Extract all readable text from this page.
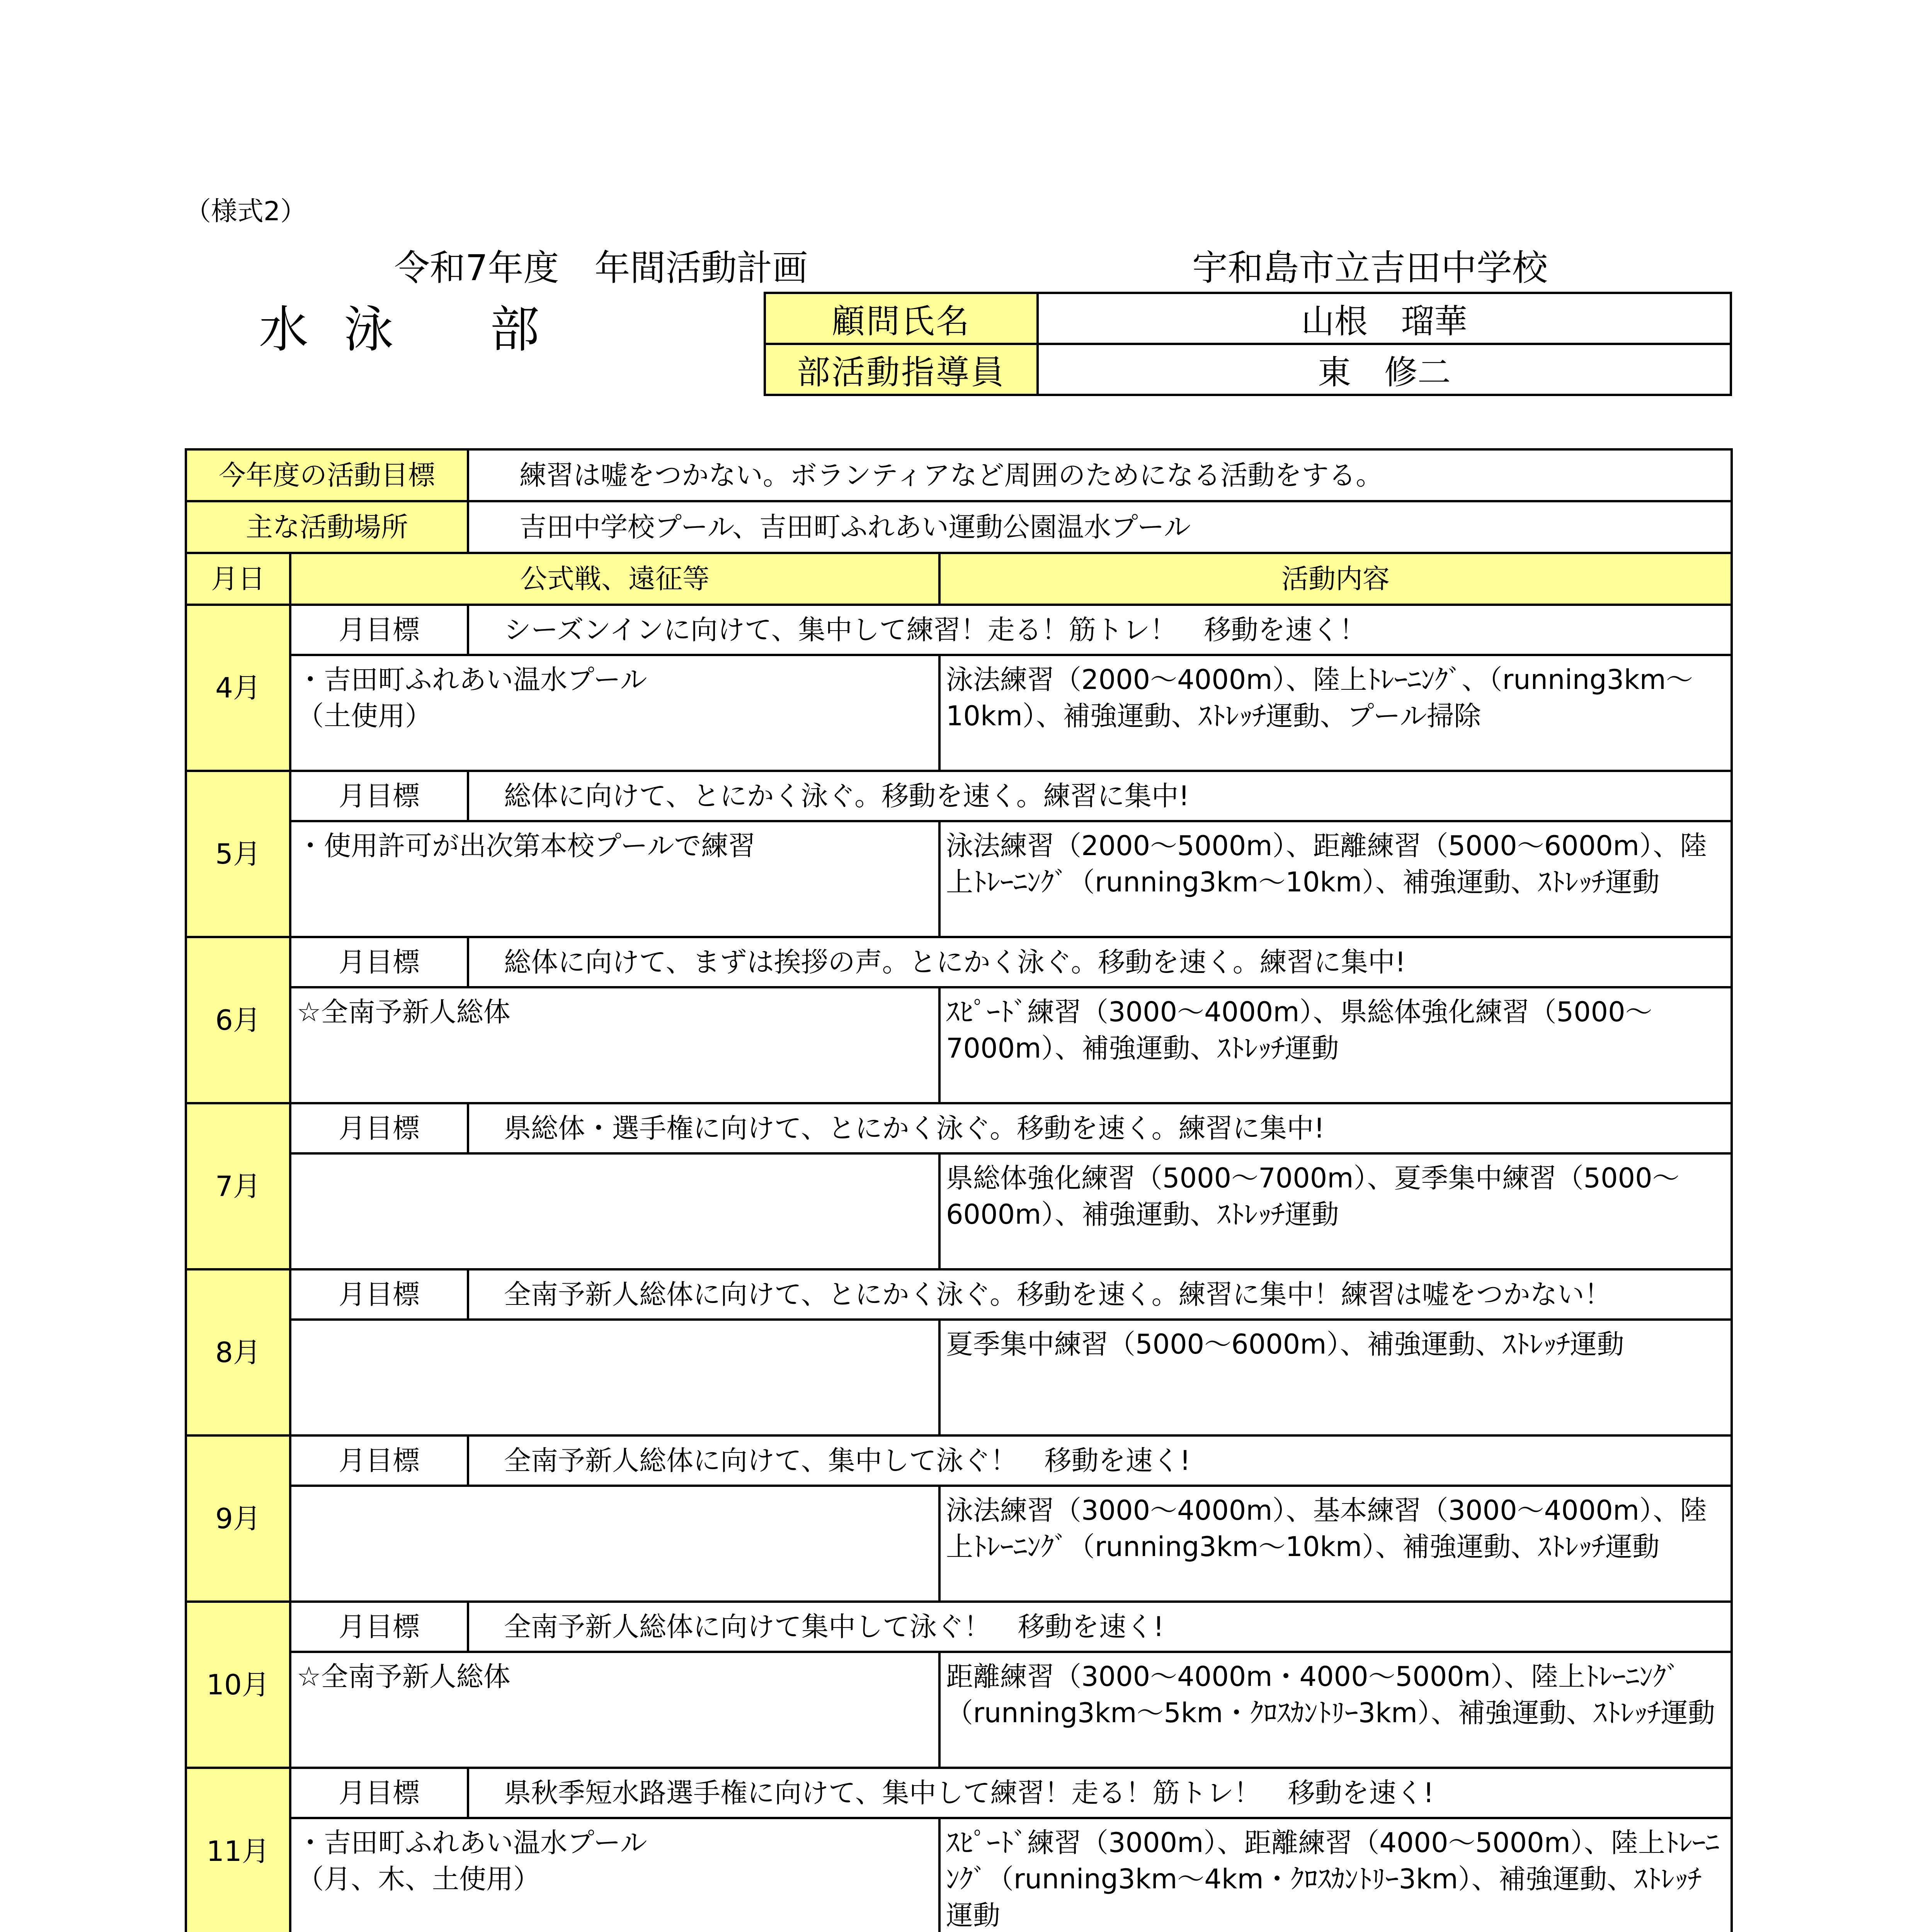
（様式2）
令和7年度　年間活動計画	宇和島市立吉田中学校
水 泳 部	顧問氏名	山根　瑠華
部活動指導員	東　修二
今年度の活動目標		練習は嘘をつかない。ボランティアなど周囲のためになる活動をする。	
主な活動場所		吉田中学校プール、吉田町ふれあい運動公園温水プール	
月日	公式戦、遠征等		活動内容
4月	月目標	シーズンインに向けて、集中して練習！走る！筋トレ！　移動を速く！	
	・吉田町ふれあい温水プール
（土使用）		泳法練習（2000～4000m）、陸上ﾄﾚｰﾆﾝｸﾞ、（running3km～10km）、補強運動、ｽﾄﾚｯﾁ運動、プール掃除
5月	月目標	総体に向けて、とにかく泳ぐ。移動を速く。練習に集中!	
	・使用許可が出次第本校プールで練習		泳法練習（2000～5000m）、距離練習（5000～6000m）、陸上ﾄﾚｰﾆﾝｸﾞ（running3km～10km）、補強運動、ｽﾄﾚｯﾁ運動
6月	月目標	総体に向けて、まずは挨拶の声。とにかく泳ぐ。移動を速く。練習に集中!	
	☆全南予新人総体		ｽﾋﾟｰﾄﾞ練習（3000～4000m）、県総体強化練習（5000～7000m）、補強運動、ｽﾄﾚｯﾁ運動
7月	月目標	県総体・選手権に向けて、とにかく泳ぐ。移動を速く。練習に集中!	
			県総体強化練習（5000～7000m）、夏季集中練習（5000～6000m）、補強運動、ｽﾄﾚｯﾁ運動
8月	月目標	全南予新人総体に向けて、とにかく泳ぐ。移動を速く。練習に集中！練習は嘘をつかない！	
			夏季集中練習（5000～6000m）、補強運動、ｽﾄﾚｯﾁ運動
9月	月目標	全南予新人総体に向けて、集中して泳ぐ！　移動を速く!	
			泳法練習（3000～4000m）、基本練習（3000～4000m）、陸上ﾄﾚｰﾆﾝｸﾞ（running3km～10km）、補強運動、ｽﾄﾚｯﾁ運動
10月	月目標	全南予新人総体に向けて集中して泳ぐ！　移動を速く!	
	☆全南予新人総体		距離練習（3000～4000m・4000～5000m）、陸上ﾄﾚｰﾆﾝｸﾞ（running3km～5km・ｸﾛｽｶﾝﾄﾘｰ3km）、補強運動、ｽﾄﾚｯﾁ運動
11月	月目標	県秋季短水路選手権に向けて、集中して練習！走る！筋トレ！　移動を速く!	
	・吉田町ふれあい温水プール
（月、木、土使用）		ｽﾋﾟｰﾄﾞ練習（3000m）、距離練習（4000～5000m）、陸上ﾄﾚｰﾆﾝｸﾞ（running3km～4km・ｸﾛｽｶﾝﾄﾘｰ3km）、補強運動、ｽﾄﾚｯﾁ運動
